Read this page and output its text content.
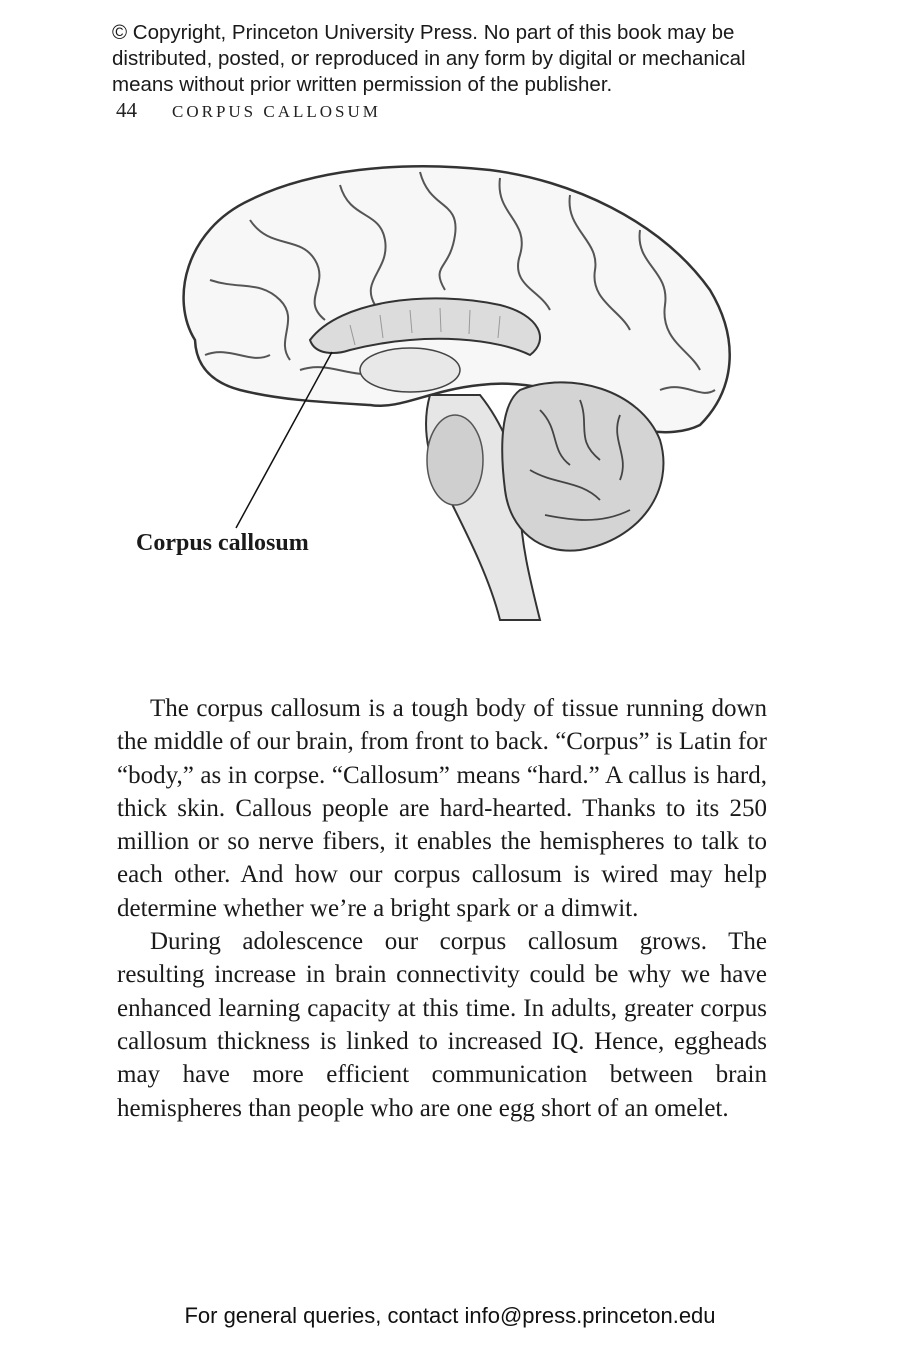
© Copyright, Princeton University Press. No part of this book may be
distributed, posted, or reproduced in any form by digital or mechanical
means without prior written permission of the publisher.
44 CORPUS CALLOSUM
Corpus callosum

The corpus callosum is a tough body of tissue running down the middle of our brain, from front to back. “Corpus” is Latin for “body,” as in corpse. “Callosum” means “hard.” A callus is hard, thick skin. Callous people are hard-hearted. Thanks to its 250 million or so nerve fibers, it enables the hemispheres to talk to each other. And how our corpus callosum is wired may help determine whether we’re a bright spark or a dimwit.

During adolescence our corpus callosum grows. The resulting increase in brain connectivity could be why we have enhanced learning capacity at this time. In adults, greater corpus callosum thickness is linked to increased IQ. Hence, eggheads may have more efficient communication between brain hemispheres than people who are one egg short of an omelet.

For general queries, contact info@press.princeton.edu
